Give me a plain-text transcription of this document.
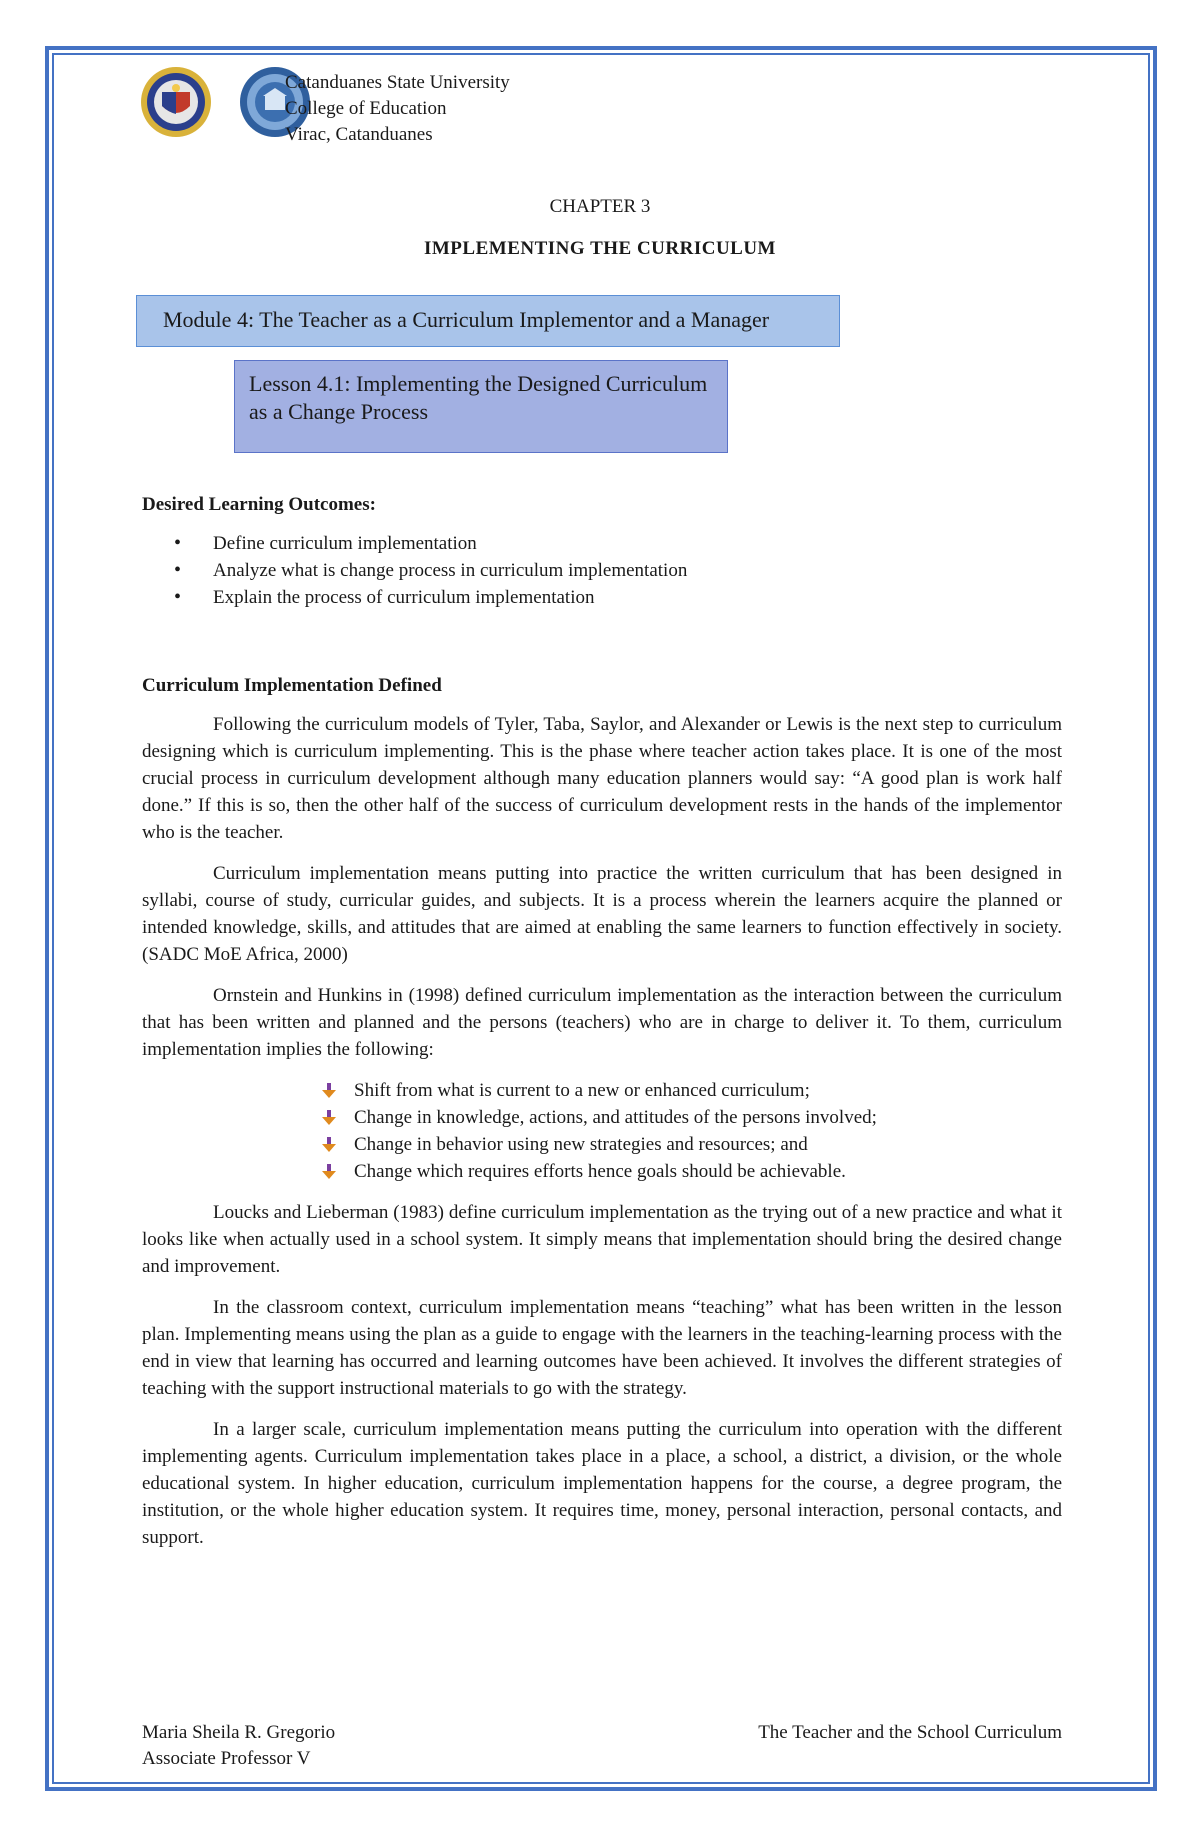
Catanduanes State University
College of Education
Virac, Catanduanes
CHAPTER 3
IMPLEMENTING THE CURRICULUM
Module 4: The Teacher as a Curriculum Implementor and a Manager
Lesson 4.1: Implementing the Designed Curriculum as a Change Process

Desired Learning Outcomes:

• Define curriculum implementation
• Analyze what is change process in curriculum implementation
• Explain the process of curriculum implementation

Curriculum Implementation Defined

Following the curriculum models of Tyler, Taba, Saylor, and Alexander or Lewis is the next step to curriculum designing which is curriculum implementing. This is the phase where teacher action takes place. It is one of the most crucial process in curriculum development although many education planners would say: “A good plan is work half done.” If this is so, then the other half of the success of curriculum development rests in the hands of the implementor who is the teacher.

Curriculum implementation means putting into practice the written curriculum that has been designed in syllabi, course of study, curricular guides, and subjects. It is a process wherein the learners acquire the planned or intended knowledge, skills, and attitudes that are aimed at enabling the same learners to function effectively in society. (SADC MoE Africa, 2000)

Ornstein and Hunkins in (1998) defined curriculum implementation as the interaction between the curriculum that has been written and planned and the persons (teachers) who are in charge to deliver it. To them, curriculum implementation implies the following:

Shift from what is current to a new or enhanced curriculum;
Change in knowledge, actions, and attitudes of the persons involved;
Change in behavior using new strategies and resources; and
Change which requires efforts hence goals should be achievable.

Loucks and Lieberman (1983) define curriculum implementation as the trying out of a new practice and what it looks like when actually used in a school system. It simply means that implementation should bring the desired change and improvement.

In the classroom context, curriculum implementation means “teaching” what has been written in the lesson plan. Implementing means using the plan as a guide to engage with the learners in the teaching-learning process with the end in view that learning has occurred and learning outcomes have been achieved. It involves the different strategies of teaching with the support instructional materials to go with the strategy.

In a larger scale, curriculum implementation means putting the curriculum into operation with the different implementing agents. Curriculum implementation takes place in a place, a school, a district, a division, or the whole educational system. In higher education, curriculum implementation happens for the course, a degree program, the institution, or the whole higher education system. It requires time, money, personal interaction, personal contacts, and support.

Maria Sheila R. Gregorio
Associate Professor V
The Teacher and the School Curriculum
